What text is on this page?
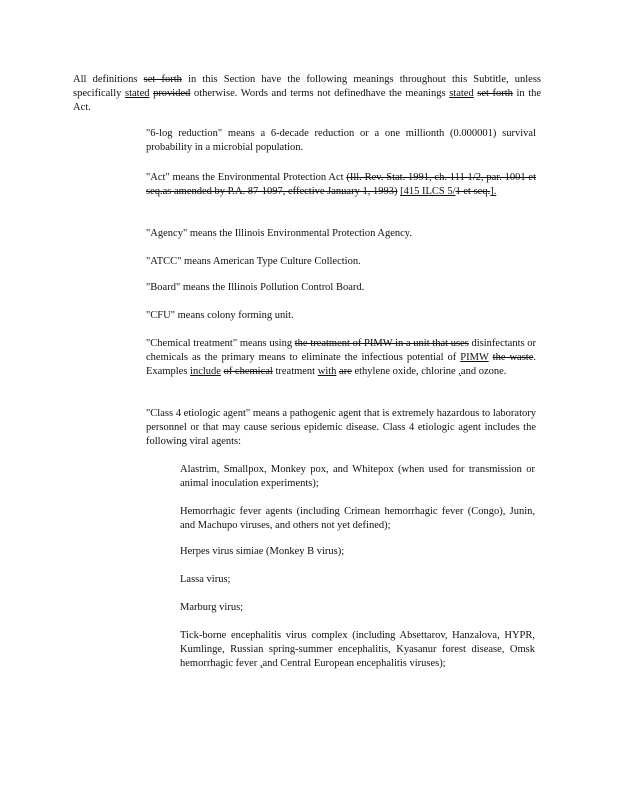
All definitions set forth in this Section have the following meanings throughout this Subtitle, unless specifically stated provided otherwise. Words and terms not definedhave the meanings stated set forth in the Act.

"6-log reduction" means a 6-decade reduction or a one millionth (0.000001) survival probability in a microbial population.

"Act" means the Environmental Protection Act (Ill. Rev. Stat. 1991, ch. 111 1/2, par. 1001 et seq.as amended by P.A. 87-1097, effective January 1, 1993) [415 ILCS 5/1 et seq.].

"Agency" means the Illinois Environmental Protection Agency.

"ATCC" means American Type Culture Collection.

"Board" means the Illinois Pollution Control Board.

"CFU" means colony forming unit.

"Chemical treatment" means using the treatment of PIMW in a unit that uses disinfectants or chemicals as the primary means to eliminate the infectious potential of PIMW the waste. Examples include of chemical treatment with are ethylene oxide, chlorine ,and ozone.

"Class 4 etiologic agent" means a pathogenic agent that is extremely hazardous to laboratory personnel or that may cause serious epidemic disease. Class 4 etiologic agent includes the following viral agents:

Alastrim, Smallpox, Monkey pox, and Whitepox (when used for transmission or animal inoculation experiments);

Hemorrhagic fever agents (including Crimean hemorrhagic fever (Congo), Junin, and Machupo viruses, and others not yet defined);

Herpes virus simiae (Monkey B virus);

Lassa virus;

Marburg virus;

Tick-borne encephalitis virus complex (including Absettarov, Hanzalova, HYPR, Kumlinge, Russian spring-summer encephalitis, Kyasanur forest disease, Omsk hemorrhagic fever ,and Central European encephalitis viruses);
